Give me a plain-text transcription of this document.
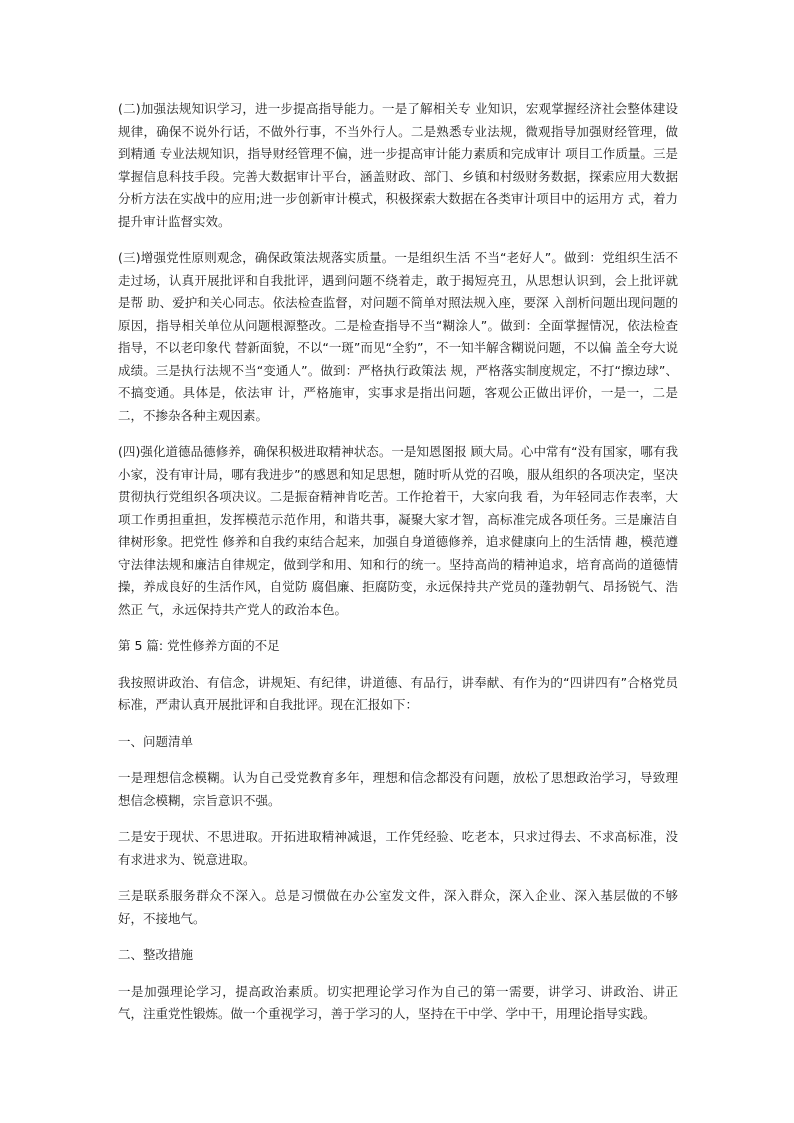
(二)加强法规知识学习，进一步提高指导能力。一是了解相关专 业知识，宏观掌握经济社会整体建设规律，确保不说外行话，不做外行事，不当外行人。二是熟悉专业法规，微观指导加强财经管理，做到精通 专业法规知识，指导财经管理不偏，进一步提高审计能力素质和完成审计 项目工作质量。三是掌握信息科技手段。完善大数据审计平台，涵盖财政、部门、乡镇和村级财务数据，探索应用大数据分析方法在实战中的应用;进一步创新审计模式，积极探索大数据在各类审计项目中的运用方 式，着力提升审计监督实效。

(三)增强党性原则观念，确保政策法规落实质量。一是组织生活 不当“老好人”。做到：党组织生活不走过场，认真开展批评和自我批评，遇到问题不绕着走，敢于揭短亮丑，从思想认识到，会上批评就是帮 助、爱护和关心同志。依法检查监督，对问题不简单对照法规入座，要深 入剖析问题出现问题的原因，指导相关单位从问题根源整改。二是检查指导不当“糊涂人”。做到：全面掌握情况，依法检查指导，不以老印象代 替新面貌，不以“一斑”而见“全豹”，不一知半解含糊说问题，不以偏 盖全夸大说成绩。三是执行法规不当“变通人”。做到：严格执行政策法 规，严格落实制度规定，不打“擦边球”、不搞变通。具体是，依法审 计，严格施审，实事求是指出问题，客观公正做出评价，一是一，二是二，不掺杂各种主观因素。

(四)强化道德品德修养，确保积极进取精神状态。一是知恩图报 顾大局。心中常有“没有国家，哪有我小家，没有审计局，哪有我进步”的感恩和知足思想，随时听从党的召唤，服从组织的各项决定，坚决 贯彻执行党组织各项决议。二是振奋精神肯吃苦。工作抢着干，大家向我 看，为年轻同志作表率，大项工作勇担重担，发挥模范示范作用，和谐共事，凝聚大家才智，高标准完成各项任务。三是廉洁自律树形象。把党性 修养和自我约束结合起来，加强自身道德修养，追求健康向上的生活情 趣，模范遵守法律法规和廉洁自律规定，做到学和用、知和行的统一。坚持高尚的精神追求，培育高尚的道德情操，养成良好的生活作风，自觉防 腐倡廉、拒腐防变，永远保持共产党员的蓬勃朝气、昂扬锐气、浩然正 气，永远保持共产党人的政治本色。

第 5 篇: 党性修养方面的不足

我按照讲政治、有信念，讲规矩、有纪律，讲道德、有品行，讲奉献、有作为的“四讲四有”合格党员标准，严肃认真开展批评和自我批评。现在汇报如下：

一、问题清单

一是理想信念模糊。认为自己受党教育多年，理想和信念都没有问题，放松了思想政治学习，导致理想信念模糊，宗旨意识不强。

二是安于现状、不思进取。开拓进取精神减退，工作凭经验、吃老本，只求过得去、不求高标准，没有求进求为、锐意进取。

三是联系服务群众不深入。总是习惯做在办公室发文件，深入群众，深入企业、深入基层做的不够好，不接地气。

二、整改措施

一是加强理论学习，提高政治素质。切实把理论学习作为自己的第一需要，讲学习、讲政治、讲正气，注重党性锻炼。做一个重视学习，善于学习的人，坚持在干中学、学中干，用理论指导实践。
